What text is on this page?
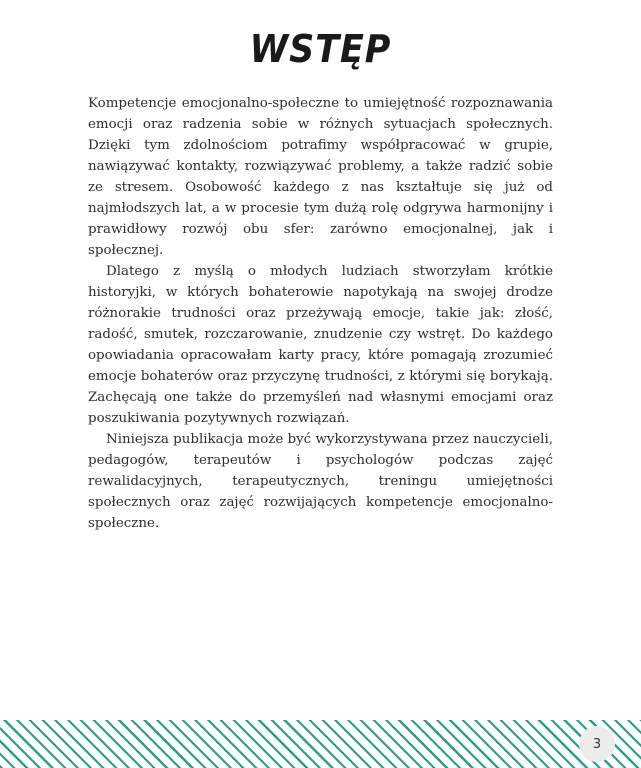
WSTĘP

Kompetencje emocjonalno-społeczne to umiejętność rozpoznawania emocji oraz radzenia sobie w różnych sytuacjach społecznych. Dzięki tym zdolnościom potrafimy współpracować w grupie, nawiązywać kontakty, rozwiązywać problemy, a także radzić sobie ze stresem. Osobowość każdego z nas kształtuje się już od najmłodszych lat, a w procesie tym dużą rolę odgrywa harmonijny i prawidłowy rozwój obu sfer: zarówno emocjonalnej, jak i społecznej.

Dlatego z myślą o młodych ludziach stworzyłam krótkie historyjki, w których bohaterowie napotykają na swojej drodze różnorakie trudności oraz przeżywają emocje, takie jak: złość, radość, smutek, rozczarowanie, znudzenie czy wstręt. Do każdego opowiadania opracowałam karty pracy, które pomagają zrozumieć emocje bohaterów oraz przyczynę trudności, z którymi się borykają. Zachęcają one także do przemyśleń nad własnymi emocjami oraz poszukiwania pozytywnych rozwiązań.

Niniejsza publikacja może być wykorzystywana przez nauczycieli, pedagogów, terapeutów i psychologów podczas zajęć rewalidacyjnych, terapeutycznych, treningu umiejętności społecznych oraz zajęć rozwijających kompetencje emocjonalno-społeczne.

3
